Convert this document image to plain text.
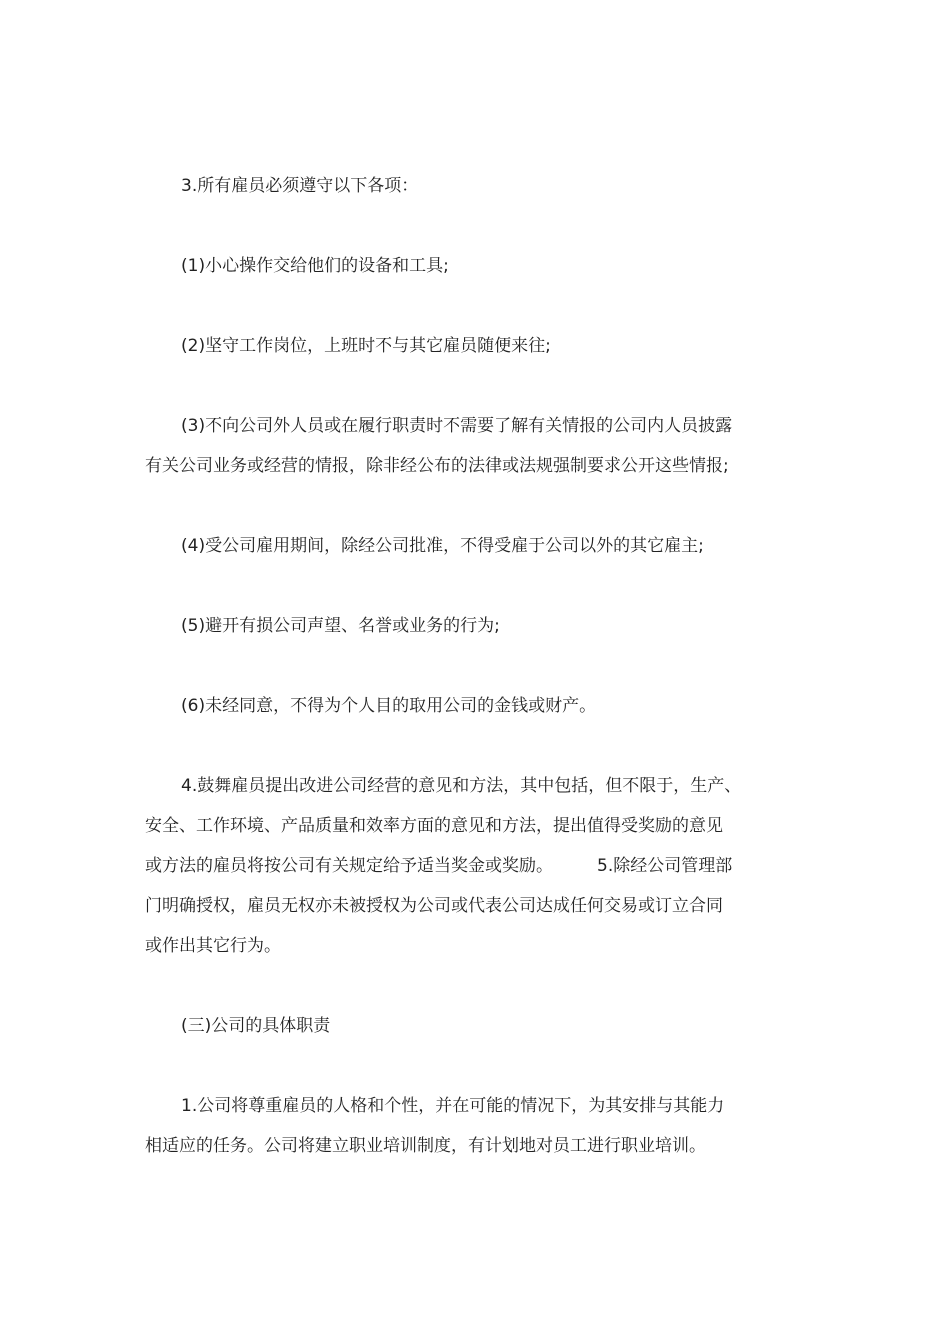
3.所有雇员必须遵守以下各项：
(1)小心操作交给他们的设备和工具;
(2)坚守工作岗位，上班时不与其它雇员随便来往;
(3)不向公司外人员或在履行职责时不需要了解有关情报的公司内人员披露
有关公司业务或经营的情报，除非经公布的法律或法规强制要求公开这些情报;
(4)受公司雇用期间，除经公司批准，不得受雇于公司以外的其它雇主;
(5)避开有损公司声望、名誉或业务的行为;
(6)未经同意，不得为个人目的取用公司的金钱或财产。
4.鼓舞雇员提出改进公司经营的意见和方法，其中包括，但不限于，生产、
安全、工作环境、产品质量和效率方面的意见和方法，提出值得受奖励的意见
或方法的雇员将按公司有关规定给予适当奖金或奖励。	5.除经公司管理部
门明确授权，雇员无权亦未被授权为公司或代表公司达成任何交易或订立合同
或作出其它行为。
(三)公司的具体职责
1.公司将尊重雇员的人格和个性，并在可能的情况下，为其安排与其能力
相适应的任务。公司将建立职业培训制度，有计划地对员工进行职业培训。
